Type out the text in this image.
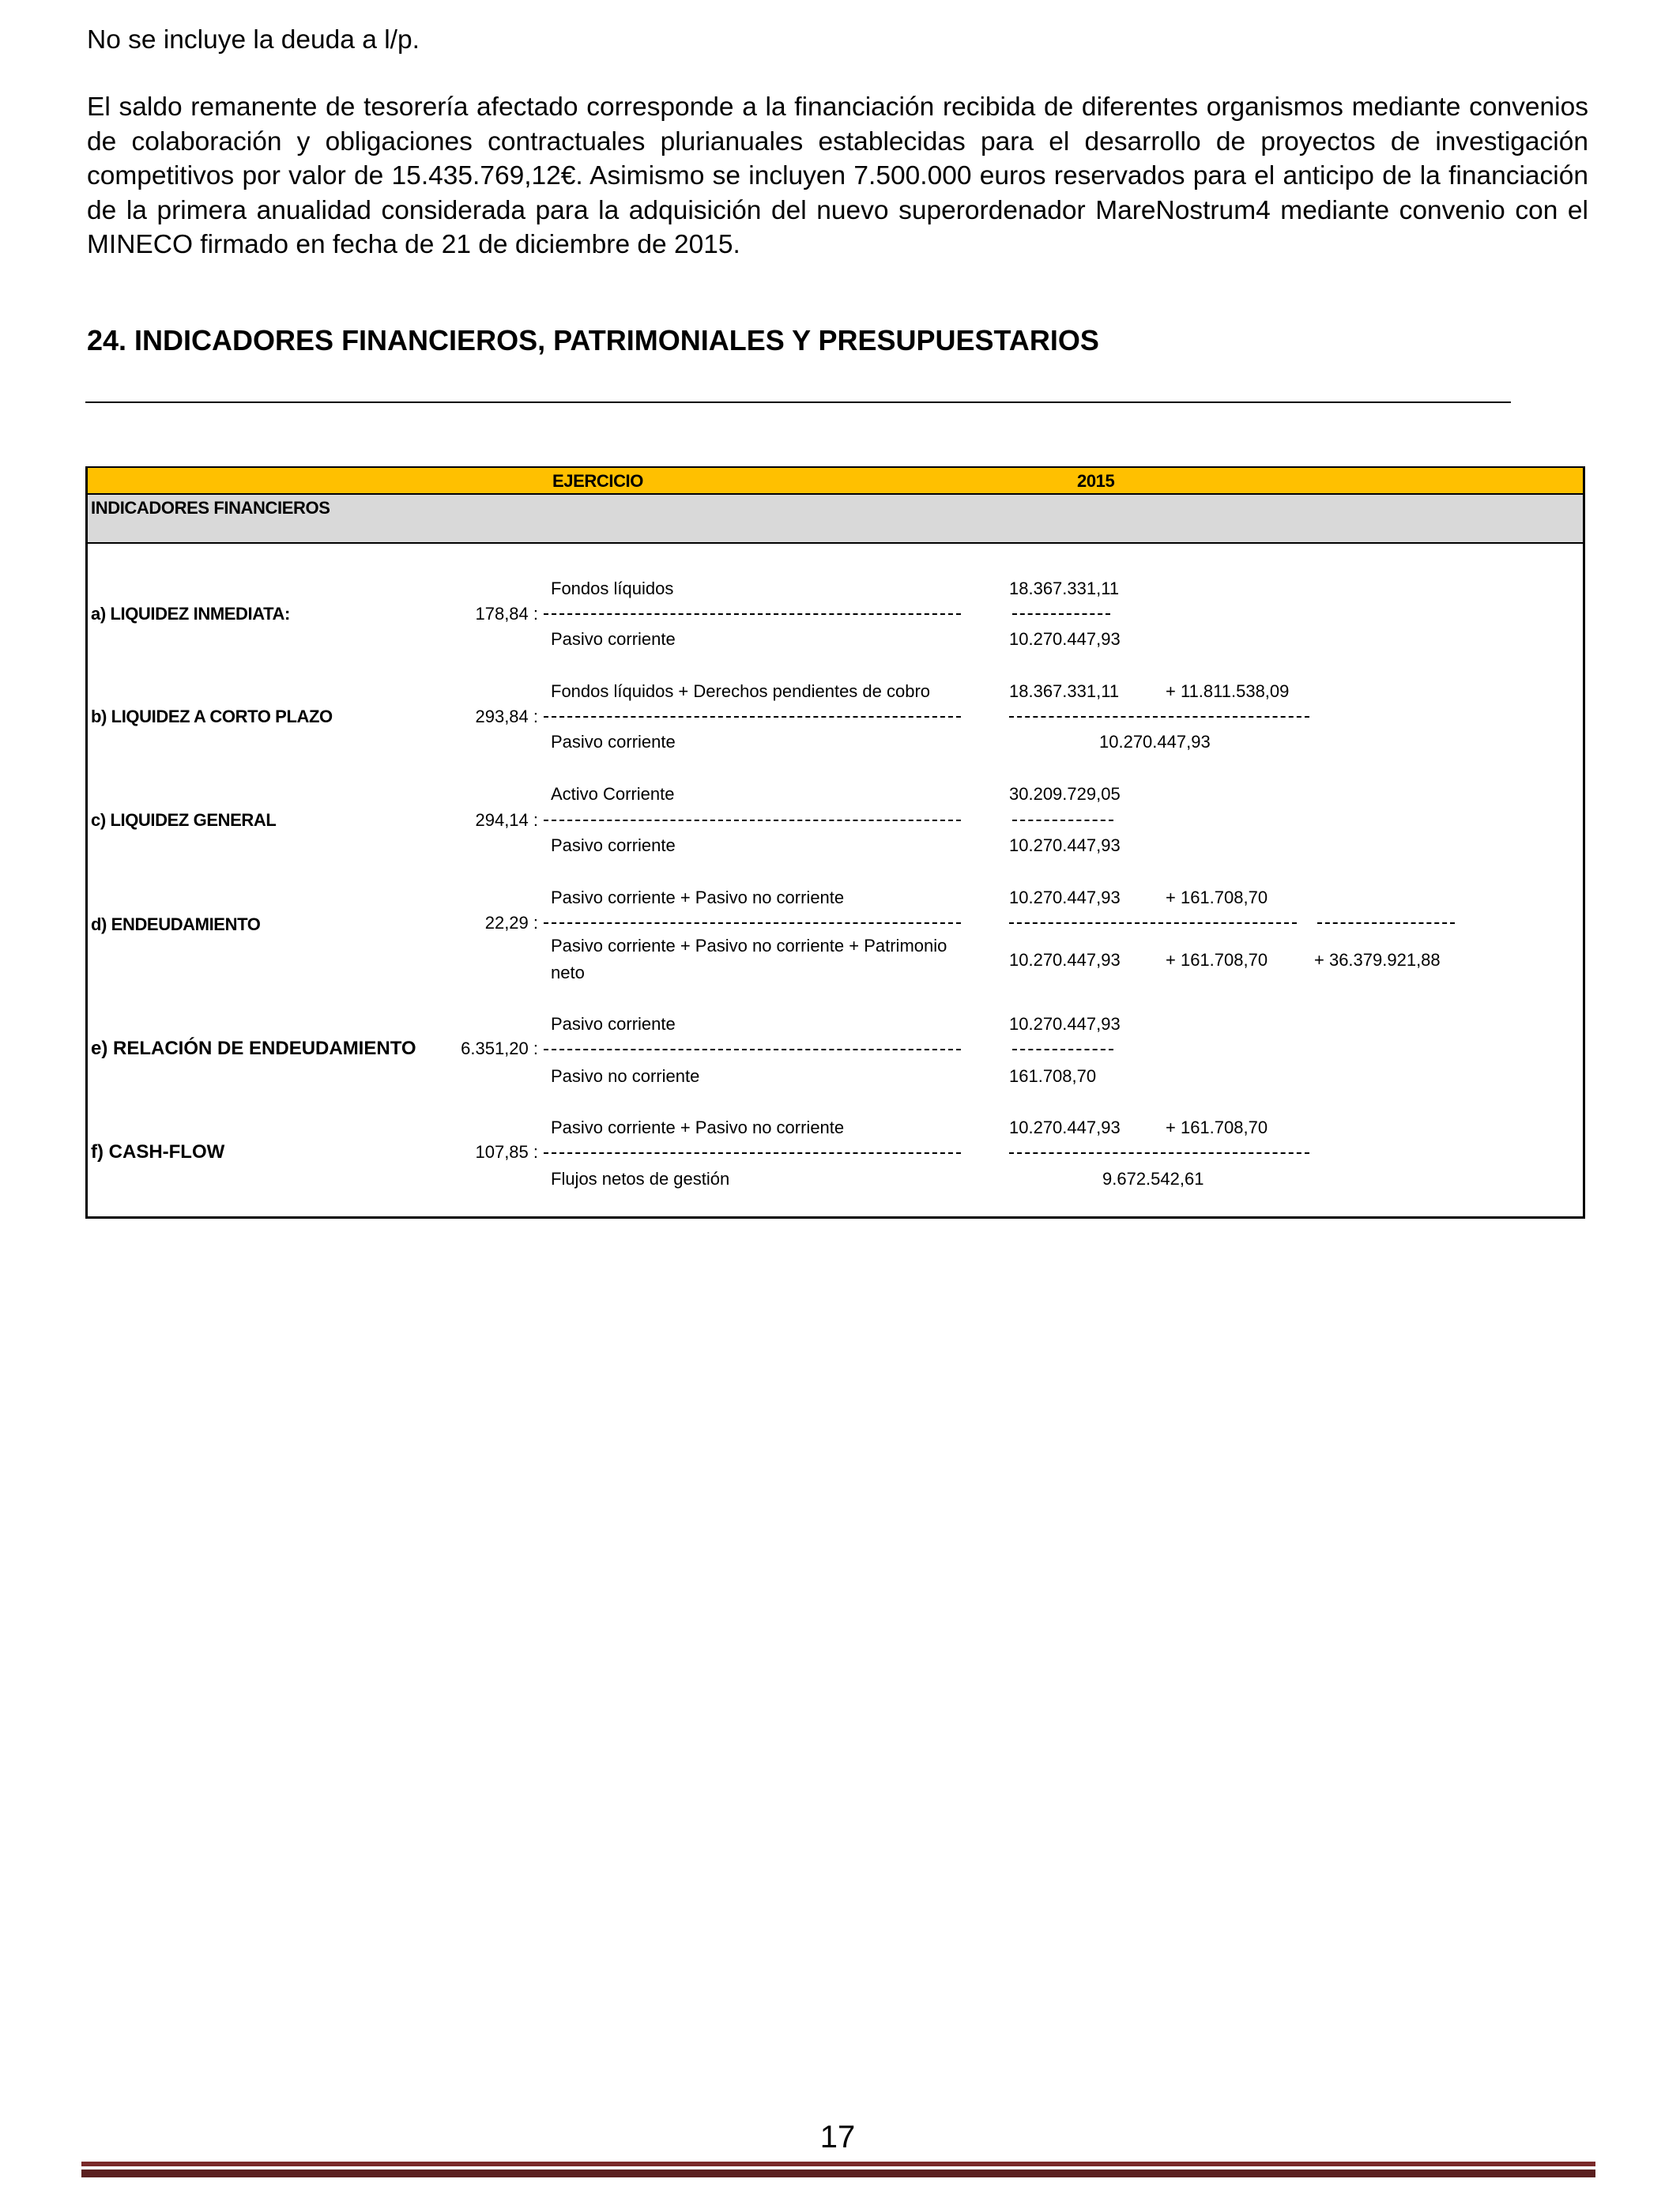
No se incluye la deuda a l/p.

El saldo remanente de tesorería afectado corresponde a la financiación recibida de diferentes organismos mediante convenios de colaboración y obligaciones contractuales plurianuales establecidas para el desarrollo de proyectos de investigación competitivos por valor de 15.435.769,12€. Asimismo se incluyen 7.500.000 euros reservados para el anticipo de la financiación de la primera anualidad considerada para la adquisición del nuevo superordenador MareNostrum4 mediante convenio con el MINECO firmado en fecha de 21 de diciembre de 2015.

24. INDICADORES FINANCIEROS, PATRIMONIALES Y PRESUPUESTARIOS
EJERCICIO	2015
INDICADORES FINANCIEROS
Fondos líquidos	18.367.331,11
a) LIQUIDEZ INMEDIATA:	178,84 :
Pasivo corriente	10.270.447,93
Fondos líquidos + Derechos pendientes de cobro	18.367.331,11	+ 11.811.538,09
b) LIQUIDEZ A CORTO PLAZO	293,84 :
Pasivo corriente	10.270.447,93
Activo Corriente	30.209.729,05
c) LIQUIDEZ GENERAL	294,14 :
Pasivo corriente	10.270.447,93
Pasivo corriente + Pasivo no corriente	10.270.447,93	+ 161.708,70
d) ENDEUDAMIENTO	22,29 :
Pasivo corriente + Pasivo no corriente + Patrimonio
neto
10.270.447,93	+ 161.708,70	+ 36.379.921,88
Pasivo corriente	10.270.447,93
e) RELACIÓN DE ENDEUDAMIENTO	6.351,20 :
Pasivo no corriente	161.708,70
Pasivo corriente + Pasivo no corriente	10.270.447,93	+ 161.708,70
f) CASH-FLOW	107,85 :
Flujos netos de gestión	9.672.542,61
17
